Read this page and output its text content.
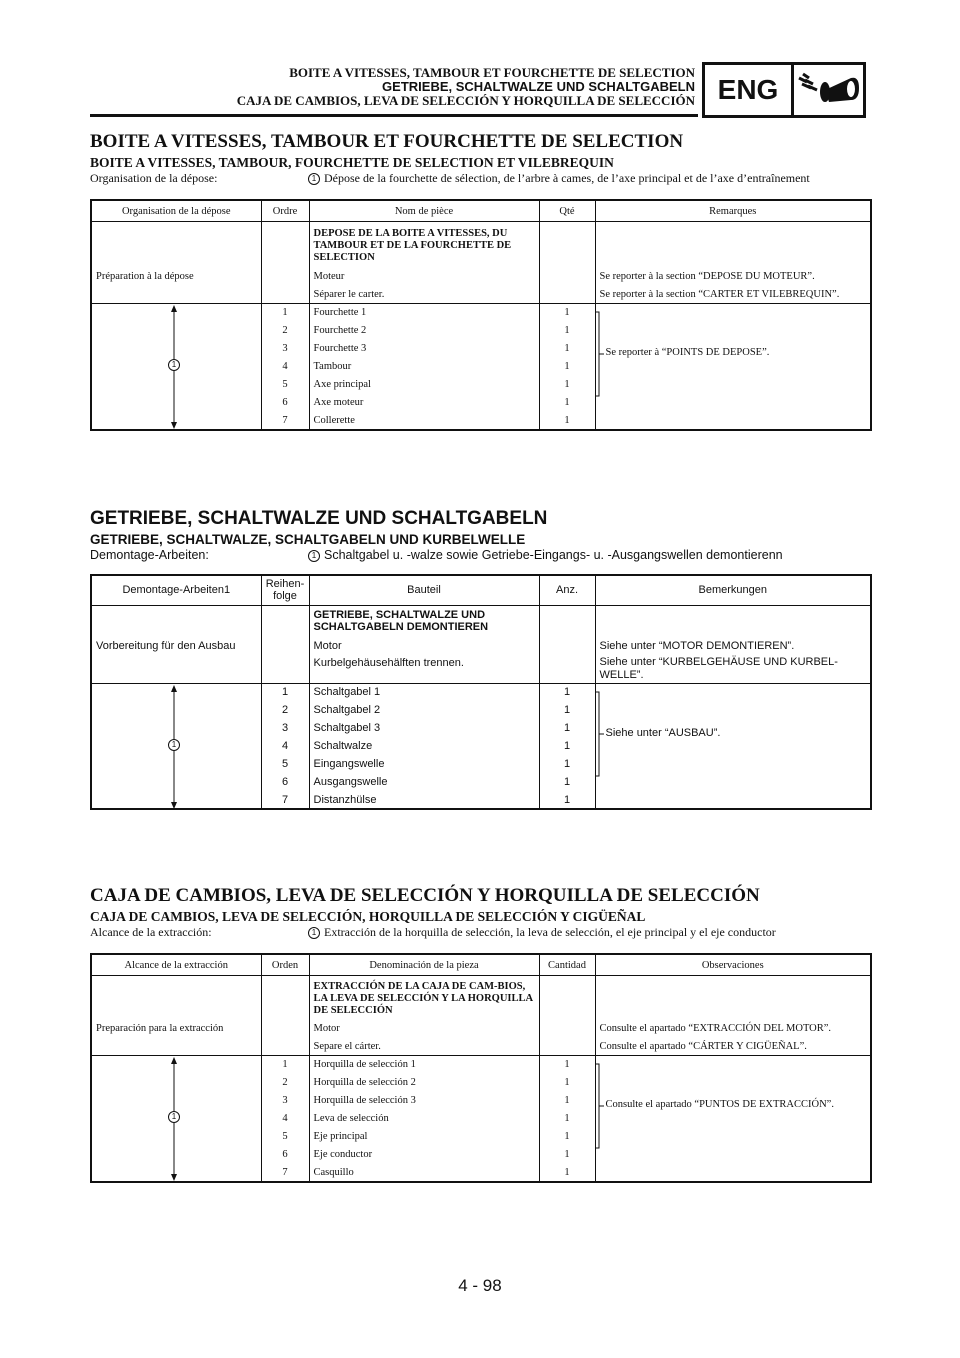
BOITE A VITESSES, TAMBOUR ET FOURCHETTE DE SELECTION
GETRIEBE, SCHALTWALZE UND SCHALTGABELN
CAJA DE CAMBIOS, LEVA DE SELECCIÓN Y HORQUILLA DE SELECCIÓN ENG
BOITE A VITESSES, TAMBOUR ET FOURCHETTE DE SELECTION
BOITE A VITESSES, TAMBOUR, FOURCHETTE DE SELECTION ET VILEBREQUIN
Organisation de la dépose:	1 Dépose de la fourchette de sélection, de l’arbre à cames, de l’axe principal et de l’axe d’entraînement
Organisation de la dépose	Ordre	Nom de pièce	Qté	Remarques
		DEPOSE DE LA BOITE A VITESSES, DU TAMBOUR ET DE LA FOURCHETTE DE SELECTION		
Préparation à la dépose		Moteur		Se reporter à la section “DEPOSE DU MOTEUR”.
		Séparer le carter.		Se reporter à la section “CARTER ET VILEBREQUIN”.

1	1	Fourchette 1	1	Se reporter à “POINTS DE DEPOSE”.

	2	Fourchette 2	1	
	3	Fourchette 3	1	
	4	Tambour	1	
	5	Axe principal	1	
	6	Axe moteur	1	
	7	Collerette	1	
GETRIEBE, SCHALTWALZE UND SCHALTGABELN
GETRIEBE, SCHALTWALZE, SCHALTGABELN UND KURBELWELLE
Demontage-Arbeiten:	1 Schaltgabel u. -walze sowie Getriebe-Eingangs- u. -Ausgangswellen demontierenn
Demontage-Arbeiten1	Reihen-folge	Bauteil	Anz.	Bemerkungen
		GETRIEBE, SCHALTWALZE UND SCHALTGABELN DEMONTIEREN		
Vorbereitung für den Ausbau		Motor		Siehe unter “MOTOR DEMONTIEREN”.
		Kurbelgehäusehälften trennen.		Siehe unter “KURBELGEHÄUSE UND KURBEL-WELLE”.

1	1	Schaltgabel 1	1	Siehe unter “AUSBAU”.

	2	Schaltgabel 2	1	
	3	Schaltgabel 3	1	
	4	Schaltwalze	1	
	5	Eingangswelle	1	
	6	Ausgangswelle	1	
	7	Distanzhülse	1	
CAJA DE CAMBIOS, LEVA DE SELECCIÓN Y HORQUILLA DE SELECCIÓN
CAJA DE CAMBIOS, LEVA DE SELECCIÓN, HORQUILLA DE SELECCIÓN Y CIGÜEÑAL
Alcance de la extracción:	1 Extracción de la horquilla de selección, la leva de selección, el eje principal y el eje conductor
Alcance de la extracción	Orden	Denominación de la pieza	Cantidad	Observaciones
		EXTRACCIÓN DE LA CAJA DE CAM-BIOS, LA LEVA DE SELECCIÓN Y LA HORQUILLA DE SELECCIÓN		
Preparación para la extracción		Motor		Consulte el apartado “EXTRACCIÓN DEL MOTOR”.
		Separe el cárter.		Consulte el apartado “CÁRTER Y CIGÜEÑAL”.

1	1	Horquilla de selección 1	1	Consulte el apartado “PUNTOS DE EXTRACCIÓN”.

	2	Horquilla de selección 2	1	
	3	Horquilla de selección 3	1	
	4	Leva de selección	1	
	5	Eje principal	1	
	6	Eje conductor	1	
	7	Casquillo	1	
4 - 98
